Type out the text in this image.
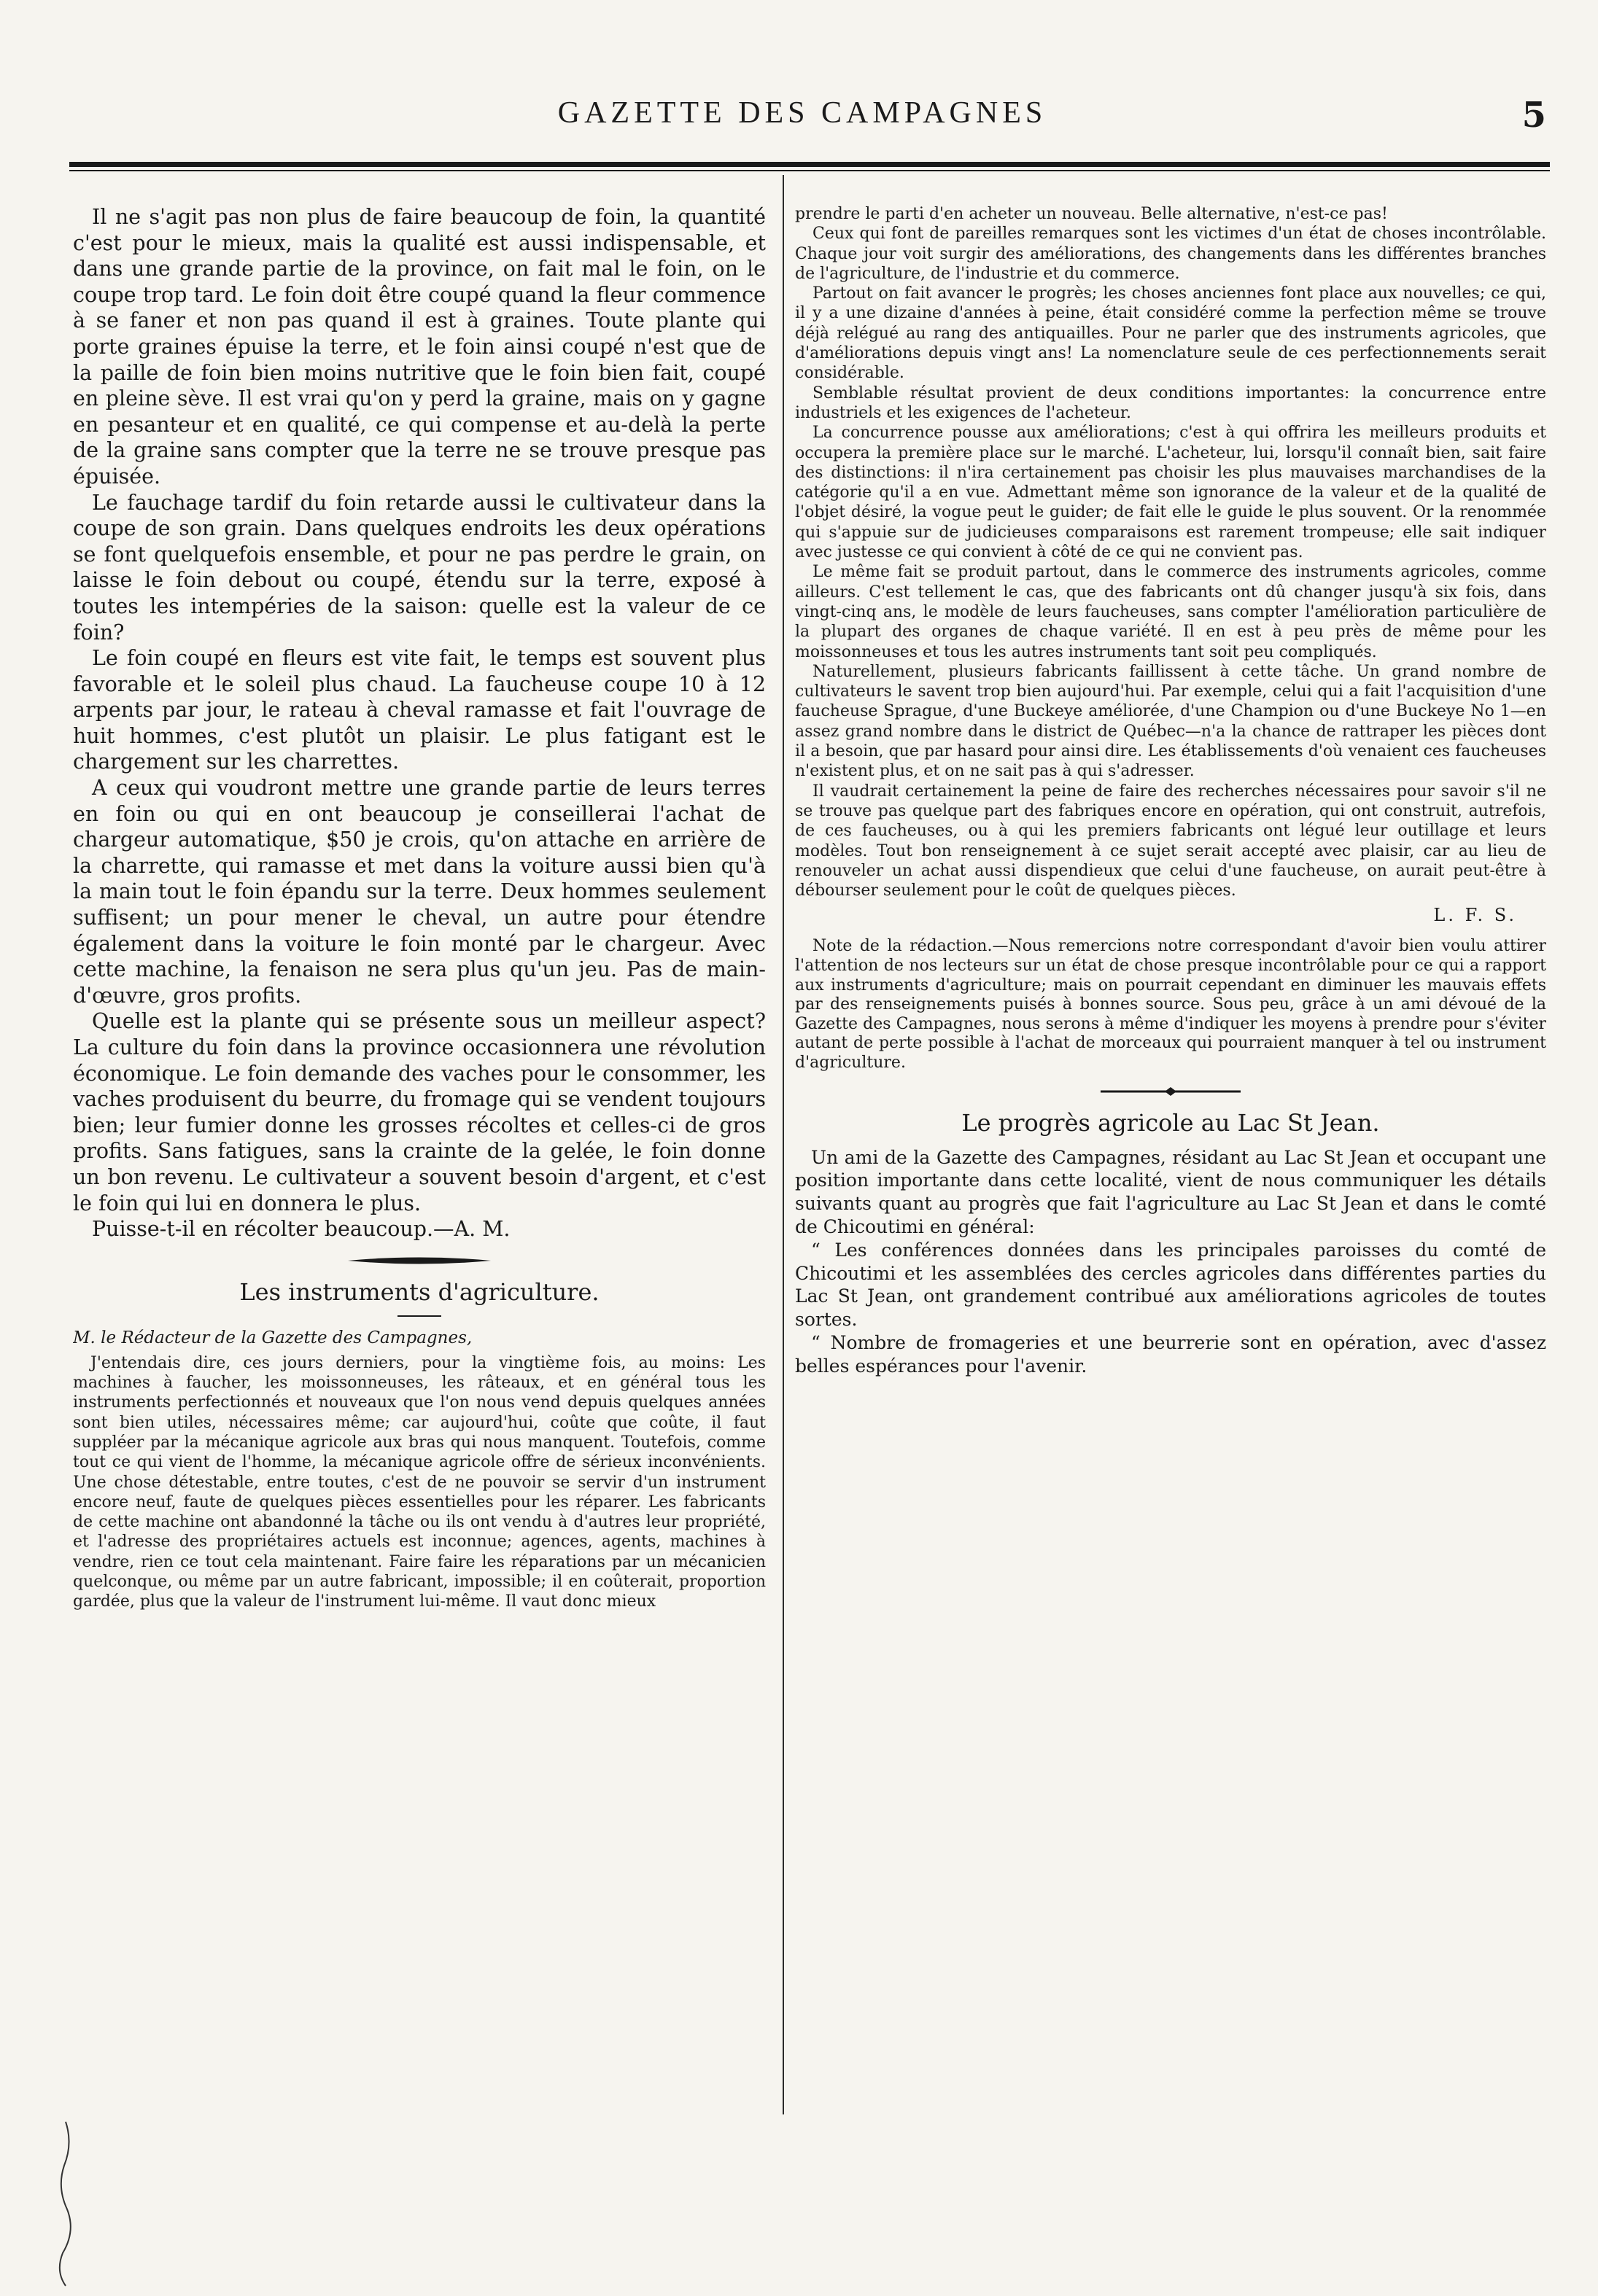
GAZETTE DES CAMPAGNES	5

Il ne s'agit pas non plus de faire beaucoup de foin, la quantité c'est pour le mieux, mais la qualité est aussi indispensable, et dans une grande partie de la province, on fait mal le foin, on le coupe trop tard. Le foin doit être coupé quand la fleur commence à se faner et non pas quand il est à graines. Toute plante qui porte graines épuise la terre, et le foin ainsi coupé n'est que de la paille de foin bien moins nutritive que le foin bien fait, coupé en pleine sève. Il est vrai qu'on y perd la graine, mais on y gagne en pesanteur et en qualité, ce qui compense et au-delà la perte de la graine sans compter que la terre ne se trouve presque pas épuisée.

Le fauchage tardif du foin retarde aussi le cultivateur dans la coupe de son grain. Dans quelques endroits les deux opérations se font quelquefois ensemble, et pour ne pas perdre le grain, on laisse le foin debout ou coupé, étendu sur la terre, exposé à toutes les intempéries de la saison: quelle est la valeur de ce foin?

Le foin coupé en fleurs est vite fait, le temps est souvent plus favorable et le soleil plus chaud. La faucheuse coupe 10 à 12 arpents par jour, le rateau à cheval ramasse et fait l'ouvrage de huit hommes, c'est plutôt un plaisir. Le plus fatigant est le chargement sur les charrettes.

A ceux qui voudront mettre une grande partie de leurs terres en foin ou qui en ont beaucoup je conseillerai l'achat de chargeur automatique, $50 je crois, qu'on attache en arrière de la charrette, qui ramasse et met dans la voiture aussi bien qu'à la main tout le foin épandu sur la terre. Deux hommes seulement suffisent; un pour mener le cheval, un autre pour étendre également dans la voiture le foin monté par le chargeur. Avec cette machine, la fenaison ne sera plus qu'un jeu. Pas de main-d'œuvre, gros profits.

Quelle est la plante qui se présente sous un meilleur aspect? La culture du foin dans la province occasionnera une révolution économique. Le foin demande des vaches pour le consommer, les vaches produisent du beurre, du fromage qui se vendent toujours bien; leur fumier donne les grosses récoltes et celles-ci de gros profits. Sans fatigues, sans la crainte de la gelée, le foin donne un bon revenu. Le cultivateur a souvent besoin d'argent, et c'est le foin qui lui en donnera le plus.

Puisse-t-il en récolter beaucoup.—A. M.

Les instruments d'agriculture.

M. le Rédacteur de la Gazette des Campagnes,

J'entendais dire, ces jours derniers, pour la vingtième fois, au moins: Les machines à faucher, les moissonneuses, les râteaux, et en général tous les instruments perfectionnés et nouveaux que l'on nous vend depuis quelques années sont bien utiles, nécessaires même; car aujourd'hui, coûte que coûte, il faut suppléer par la mécanique agricole aux bras qui nous manquent. Toutefois, comme tout ce qui vient de l'homme, la mécanique agricole offre de sérieux inconvénients. Une chose détestable, entre toutes, c'est de ne pouvoir se servir d'un instrument encore neuf, faute de quelques pièces essentielles pour les réparer. Les fabricants de cette machine ont abandonné la tâche ou ils ont vendu à d'autres leur propriété, et l'adresse des propriétaires actuels est inconnue; agences, agents, machines à vendre, rien ce tout cela maintenant. Faire faire les réparations par un mécanicien quelconque, ou même par un autre fabricant, impossible; il en coûterait, proportion gardée, plus que la valeur de l'instrument lui-même. Il vaut donc mieux

prendre le parti d'en acheter un nouveau. Belle alternative, n'est-ce pas!

Ceux qui font de pareilles remarques sont les victimes d'un état de choses incontrôlable. Chaque jour voit surgir des améliorations, des changements dans les différentes branches de l'agriculture, de l'industrie et du commerce.

Partout on fait avancer le progrès; les choses anciennes font place aux nouvelles; ce qui, il y a une dizaine d'années à peine, était considéré comme la perfection même se trouve déjà relégué au rang des antiquailles. Pour ne parler que des instruments agricoles, que d'améliorations depuis vingt ans! La nomenclature seule de ces perfectionnements serait considérable.

Semblable résultat provient de deux conditions importantes: la concurrence entre industriels et les exigences de l'acheteur.

La concurrence pousse aux améliorations; c'est à qui offrira les meilleurs produits et occupera la première place sur le marché. L'acheteur, lui, lorsqu'il connaît bien, sait faire des distinctions: il n'ira certainement pas choisir les plus mauvaises marchandises de la catégorie qu'il a en vue. Admettant même son ignorance de la valeur et de la qualité de l'objet désiré, la vogue peut le guider; de fait elle le guide le plus souvent. Or la renommée qui s'appuie sur de judicieuses comparaisons est rarement trompeuse; elle sait indiquer avec justesse ce qui convient à côté de ce qui ne convient pas.

Le même fait se produit partout, dans le commerce des instruments agricoles, comme ailleurs. C'est tellement le cas, que des fabricants ont dû changer jusqu'à six fois, dans vingt-cinq ans, le modèle de leurs faucheuses, sans compter l'amélioration particulière de la plupart des organes de chaque variété. Il en est à peu près de même pour les moissonneuses et tous les autres instruments tant soit peu compliqués.

Naturellement, plusieurs fabricants faillissent à cette tâche. Un grand nombre de cultivateurs le savent trop bien aujourd'hui. Par exemple, celui qui a fait l'acquisition d'une faucheuse Sprague, d'une Buckeye améliorée, d'une Champion ou d'une Buckeye No 1—en assez grand nombre dans le district de Québec—n'a la chance de rattraper les pièces dont il a besoin, que par hasard pour ainsi dire. Les établissements d'où venaient ces faucheuses n'existent plus, et on ne sait pas à qui s'adresser.

Il vaudrait certainement la peine de faire des recherches nécessaires pour savoir s'il ne se trouve pas quelque part des fabriques encore en opération, qui ont construit, autrefois, de ces faucheuses, ou à qui les premiers fabricants ont légué leur outillage et leurs modèles. Tout bon renseignement à ce sujet serait accepté avec plaisir, car au lieu de renouveler un achat aussi dispendieux que celui d'une faucheuse, on aurait peut-être à débourser seulement pour le coût de quelques pièces.

L. F. S.

Note de la rédaction.—Nous remercions notre correspondant d'avoir bien voulu attirer l'attention de nos lecteurs sur un état de chose presque incontrôlable pour ce qui a rapport aux instruments d'agriculture; mais on pourrait cependant en diminuer les mauvais effets par des renseignements puisés à bonnes source. Sous peu, grâce à un ami dévoué de la Gazette des Campagnes, nous serons à même d'indiquer les moyens à prendre pour s'éviter autant de perte possible à l'achat de morceaux qui pourraient manquer à tel ou instrument d'agriculture.

Le progrès agricole au Lac St Jean.

Un ami de la Gazette des Campagnes, résidant au Lac St Jean et occupant une position importante dans cette localité, vient de nous communiquer les détails suivants quant au progrès que fait l'agriculture au Lac St Jean et dans le comté de Chicoutimi en général:

“ Les conférences données dans les principales paroisses du comté de Chicoutimi et les assemblées des cercles agricoles dans différentes parties du Lac St Jean, ont grandement contribué aux améliorations agricoles de toutes sortes.

“ Nombre de fromageries et une beurrerie sont en opération, avec d'assez belles espérances pour l'avenir.
